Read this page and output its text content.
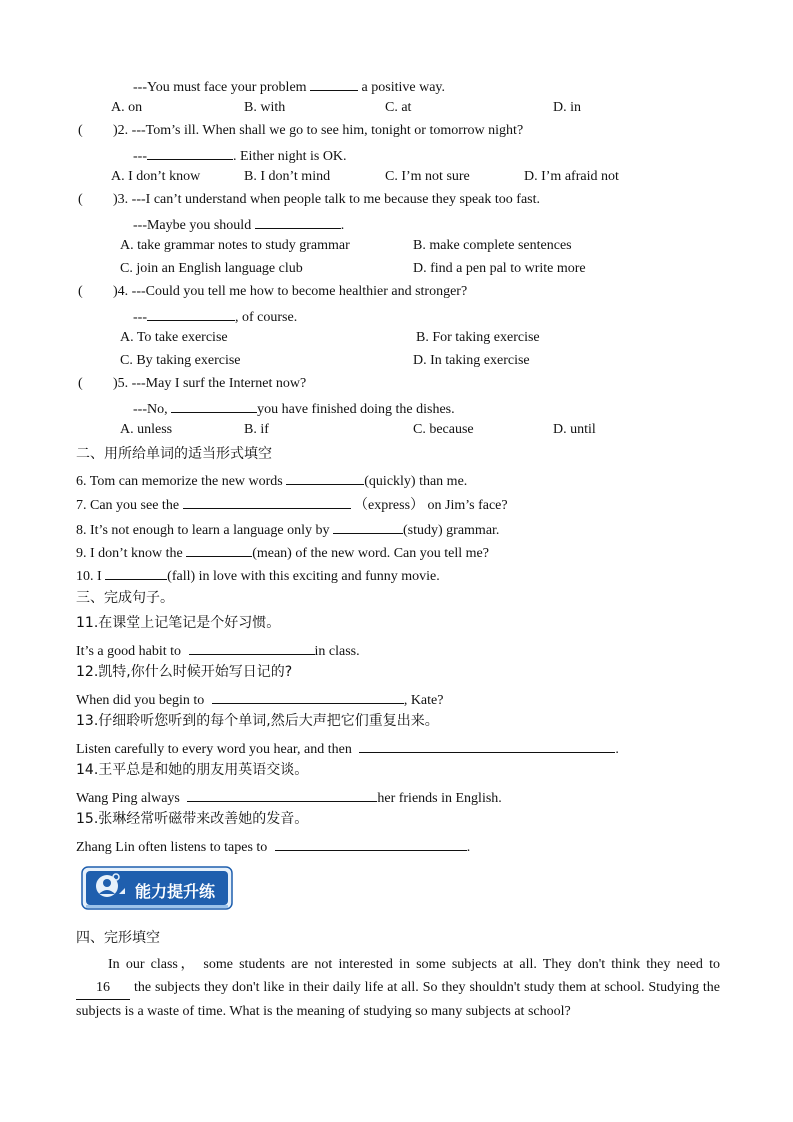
---You must face your problem	a positive way.
A. on	B. with	C. at	D. in
( )2. ---Tom’s ill. When shall we go to see him, tonight or tomorrow night?
---	. Either night is OK.
A. I don’t know	B. I don’t mind	C. I’m not sure	D. I’m afraid not
( )3. ---I can’t understand when people talk to me because they speak too fast.
---Maybe you should	.
A. take grammar notes to study grammar	B. make complete sentences
C. join an English language club	D. find a pen pal to write more
( )4. ---Could you tell me how to become healthier and stronger?
---	, of course.
A. To take exercise	B. For taking exercise
C. By taking exercise	D. In taking exercise
( )5. ---May I surf the Internet now?
---No,	you have finished doing the dishes.
A. unless	B. if	C. because	D. until
二、用所给单词的适当形式填空
6. Tom can memorize the new words	(quickly) than me.
7. Can you see the	（express） on Jim’s face?
8. It’s not enough to learn a language only by	(study) grammar.
9. I don’t know the	(mean) of the new word. Can you tell me?
10. I	(fall) in love with this exciting and funny movie.
三、完成句子。
11.在课堂上记笔记是个好习惯。
It’s a good habit to	in class.
12.凯特,你什么时候开始写日记的?
When did you begin to	, Kate?
13.仔细聆听您听到的每个单词,然后大声把它们重复出来。
Listen carefully to every word you hear, and then	.
14.王平总是和她的朋友用英语交谈。
Wang Ping always	her friends in English.
15.张琳经常听磁带来改善她的发音。
Zhang Lin often listens to tapes to	.
能力提升练
四、完形填空
In our class， some students are not interested in some subjects at all. They don't think they need to 16 the subjects they don't like in their daily life at all. So they shouldn't study them at school. Studying the subjects is a waste of time. What is the meaning of studying so many subjects at school?
